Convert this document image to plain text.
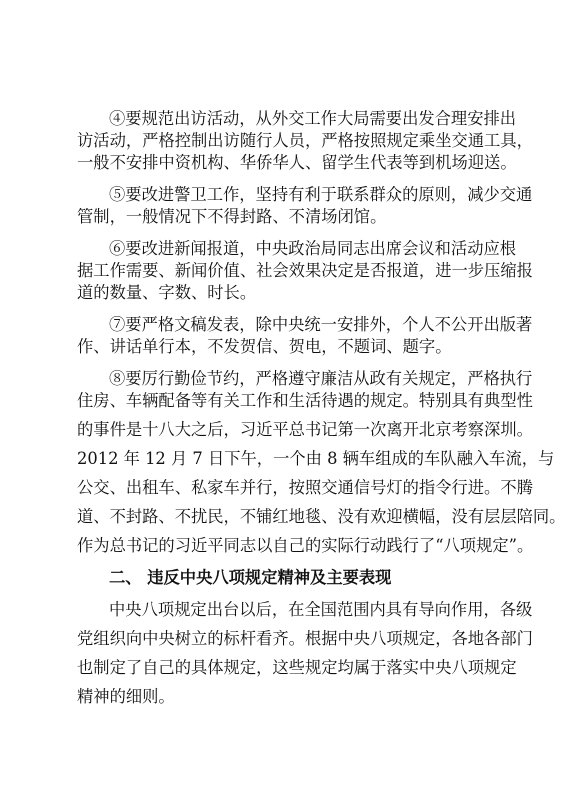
④要规范出访活动，从外交工作大局需要出发合理安排出
访活动，严格控制出访随行人员，严格按照规定乘坐交通工具，
一般不安排中资机构、华侨华人、留学生代表等到机场迎送。
⑤要改进警卫工作，坚持有利于联系群众的原则，减少交通
管制，一般情况下不得封路、不清场闭馆。
⑥要改进新闻报道，中央政治局同志出席会议和活动应根
据工作需要、新闻价值、社会效果决定是否报道，进一步压缩报
道的数量、字数、时长。
⑦要严格文稿发表，除中央统一安排外，个人不公开出版著
作、讲话单行本，不发贺信、贺电，不题词、题字。
⑧要厉行勤俭节约，严格遵守廉洁从政有关规定，严格执行
住房、车辆配备等有关工作和生活待遇的规定。特别具有典型性
的事件是十八大之后，习近平总书记第一次离开北京考察深圳。
2012 年 12 月 7 日下午，一个由 8 辆车组成的车队融入车流，与
公交、出租车、私家车并行，按照交通信号灯的指令行进。不腾
道、不封路、不扰民，不铺红地毯、没有欢迎横幅，没有层层陪同。
作为总书记的习近平同志以自己的实际行动践行了“八项规定”。
二、 违反中央八项规定精神及主要表现
中央八项规定出台以后，在全国范围内具有导向作用，各级
党组织向中央树立的标杆看齐。根据中央八项规定，各地各部门
也制定了自己的具体规定，这些规定均属于落实中央八项规定
精神的细则。
